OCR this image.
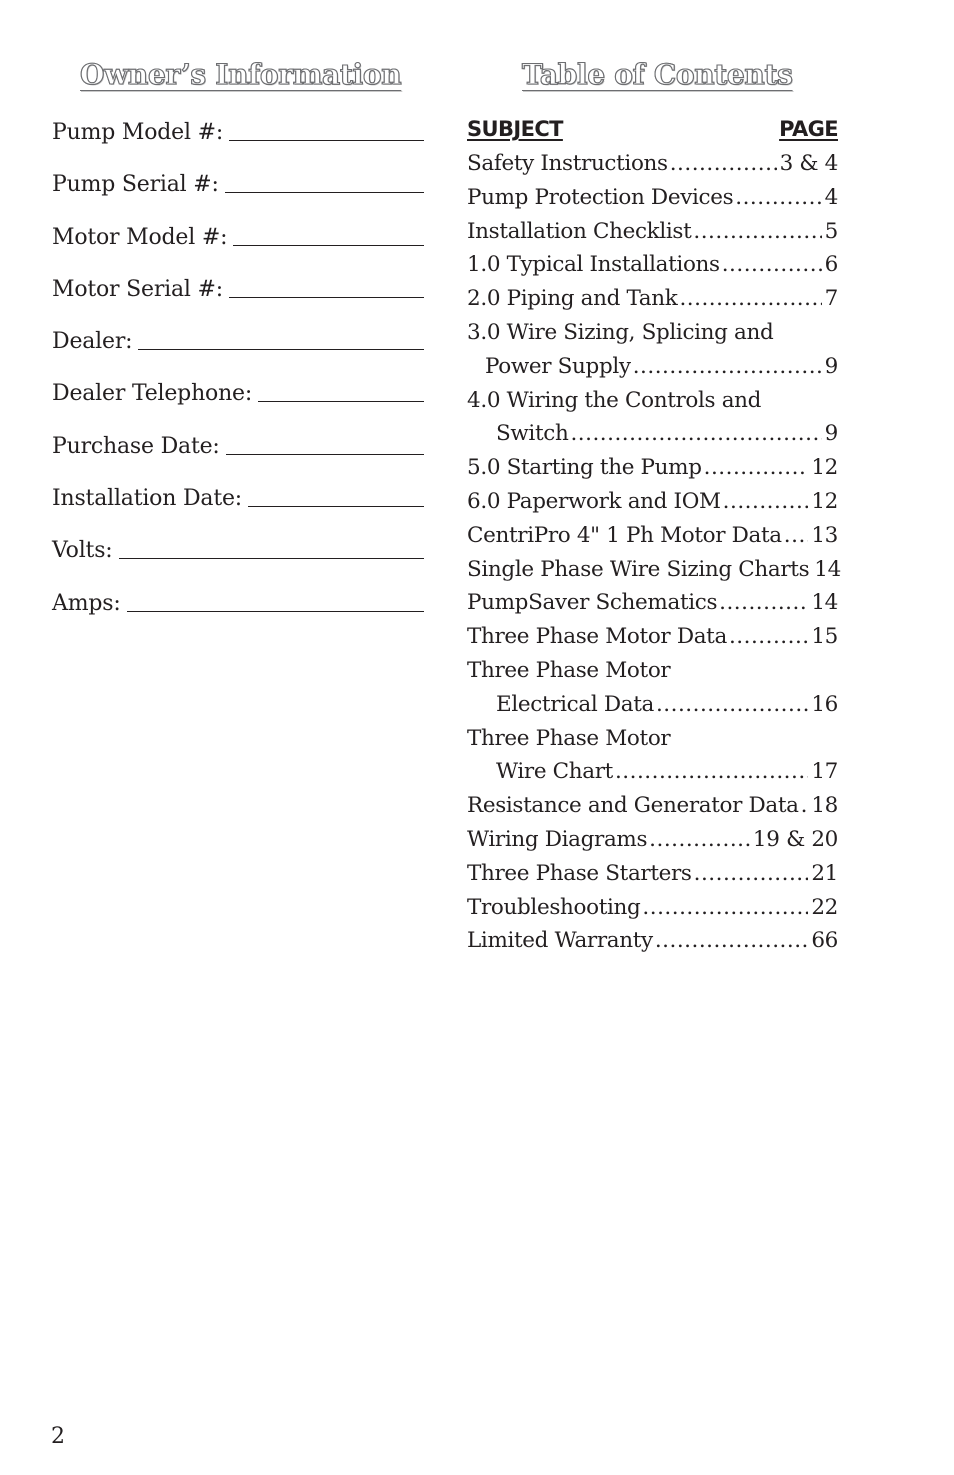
Owner’s Information	Table of Contents
Pump Model #:
Pump Serial #:
Motor Model #:
Motor Serial #:
Dealer:
Dealer Telephone:
Purchase Date:
Installation Date:
Volts:
Amps:
SUBJECT	PAGE
Safety Instructions .....	3 & 4
Pump Protection Devices .....	4
Installation Checklist .....	5
1.0 Typical Installations .....	6
2.0 Piping and Tank .....	7
3.0 Wire Sizing, Splicing and
Power Supply .....	9
4.0 Wiring the Controls and
Switch .....	9
5.0 Starting the Pump .....	12
6.0 Paperwork and IOM .....	12
CentriPro 4" 1 Ph Motor Data ..... 13
Single Phase Wire Sizing Charts 14
PumpSaver Schematics .....	14
Three Phase Motor Data .....	15
Three Phase Motor
Electrical Data .....	16
Three Phase Motor
Wire Chart .....	17
Resistance and Generator Data ..... 18
Wiring Diagrams .....	19 & 20
Three Phase Starters .....	21
Troubleshooting .....	22
Limited Warranty .....	66
2
